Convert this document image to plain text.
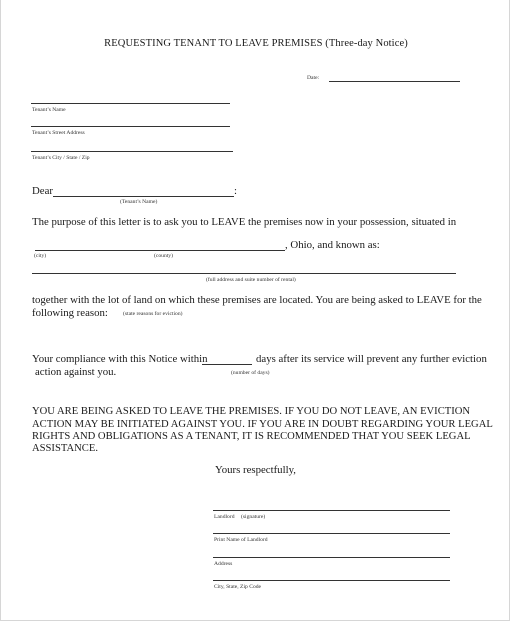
REQUESTING TENANT TO LEAVE PREMISES (Three-day Notice)
Date:
Tenant’s Name
Tenant’s Street Address
Tenant’s City / State / Zip
Dear	:
(Tenant’s Name)
The purpose of this letter is to ask you to LEAVE the premises now in your possession, situated in
, Ohio, and known as:
(city)	(county)
(full address and suite number of rental)
together with the lot of land on which these premises are located. You are being asked to LEAVE for the
following reason:	(state reasons for eviction)
Your compliance with this Notice within	days after its service will prevent any further eviction
action against you.	(number of days)
YOU ARE BEING ASKED TO LEAVE THE PREMISES. IF YOU DO NOT LEAVE, AN EVICTION
ACTION MAY BE INITIATED AGAINST YOU. IF YOU ARE IN DOUBT REGARDING YOUR LEGAL
RIGHTS AND OBLIGATIONS AS A TENANT, IT IS RECOMMENDED THAT YOU SEEK LEGAL
ASSISTANCE.
Yours respectfully,
Landlord (signature)
Print Name of Landlord
Address
City, State, Zip Code
